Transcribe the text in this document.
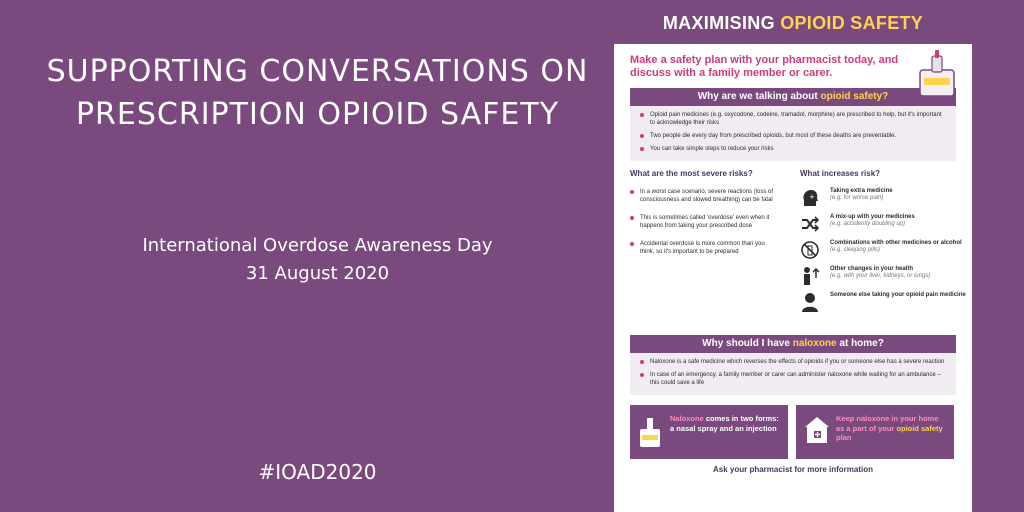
SUPPORTING CONVERSATIONS ON PRESCRIPTION OPIOID SAFETY
International Overdose Awareness Day
31 August 2020
#IOAD2020
MAXIMISING OPIOID SAFETY
Make a safety plan with your pharmacist today, and discuss with a family member or carer.
Why are we talking about opioid safety?
Opioid pain medicines (e.g. oxycodone, codeine, tramadol, morphine) are prescribed to help, but it's important to acknowledge their risks
Two people die every day from prescribed opioids, but most of these deaths are preventable.
You can take simple steps to reduce your risks
What are the most severe risks?
In a worst case scenario, severe reactions (loss of consciousness and slowed breathing) can be fatal
This is sometimes called 'overdose' even when it happens from taking your prescribed dose
Accidental overdose is more common than you think, so it's important to be prepared
What increases risk?
+
Taking extra medicine
(e.g. for worse pain)
A mix-up with your medicines
(e.g. accidently doubling up)
Combinations with other medicines or alcohol
(e.g. sleeping pills)
Other changes in your health
(e.g. with your liver, kidneys, or lungs)
Someone else taking your opioid pain medicine

Why should I have naloxone at home?
Naloxone is a safe medicine which reverses the effects of opioids if you or someone else has a severe reaction
In case of an emergency, a family member or carer can administer naloxone while waiting for an ambulance – this could save a life
Naloxone comes in two forms: a nasal spray and an injection
Keep naloxone in your home as a part of your opioid safety plan
Ask your pharmacist for more information
